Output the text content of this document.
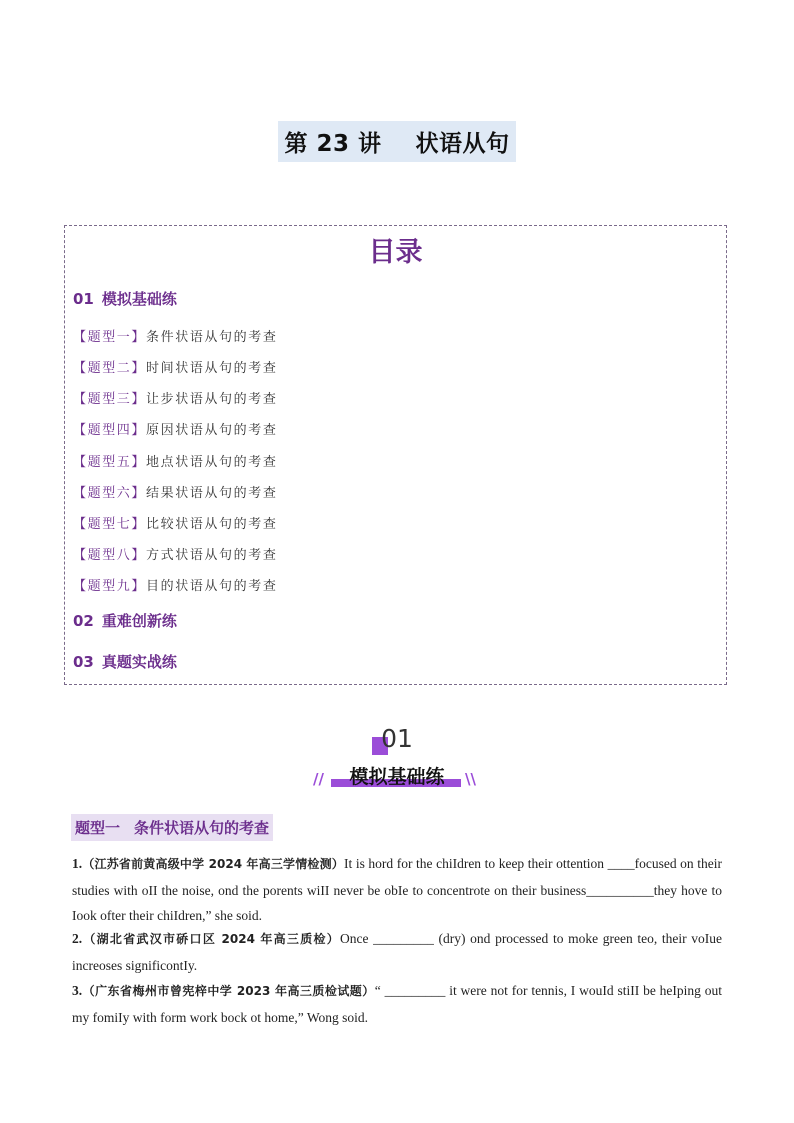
第 23 讲 状语从句
目录
01 模拟基础练
【题型一】条件状语从句的考查
【题型二】时间状语从句的考查
【题型三】让步状语从句的考查
【题型四】原因状语从句的考查
【题型五】地点状语从句的考查
【题型六】结果状语从句的考查
【题型七】比较状语从句的考查
【题型八】方式状语从句的考查
【题型九】目的状语从句的考查
02 重难创新练
03 真题实战练
01
模拟基础练
//	\\
题型一 条件状语从句的考查
1.（江苏省前黄高级中学 2024 年高三学情检测）It is hord for the chiIdren to keep their ottention ____focused on their studies with oII the noise, ond the porents wiII never be obIe to concentrote on their business__________they hove to Iook ofter their chiIdren,” she soid.
2.（湖北省武汉市硚口区 2024 年高三质检）Once _________ (dry) ond processed to moke green teo, their voIue increoses significontIy.
3.（广东省梅州市曾宪梓中学 2023 年高三质检试题）“ _________ it were not for tennis, I wouId stiII be heIping out my fomiIy with form work bock ot home,” Wong soid.
